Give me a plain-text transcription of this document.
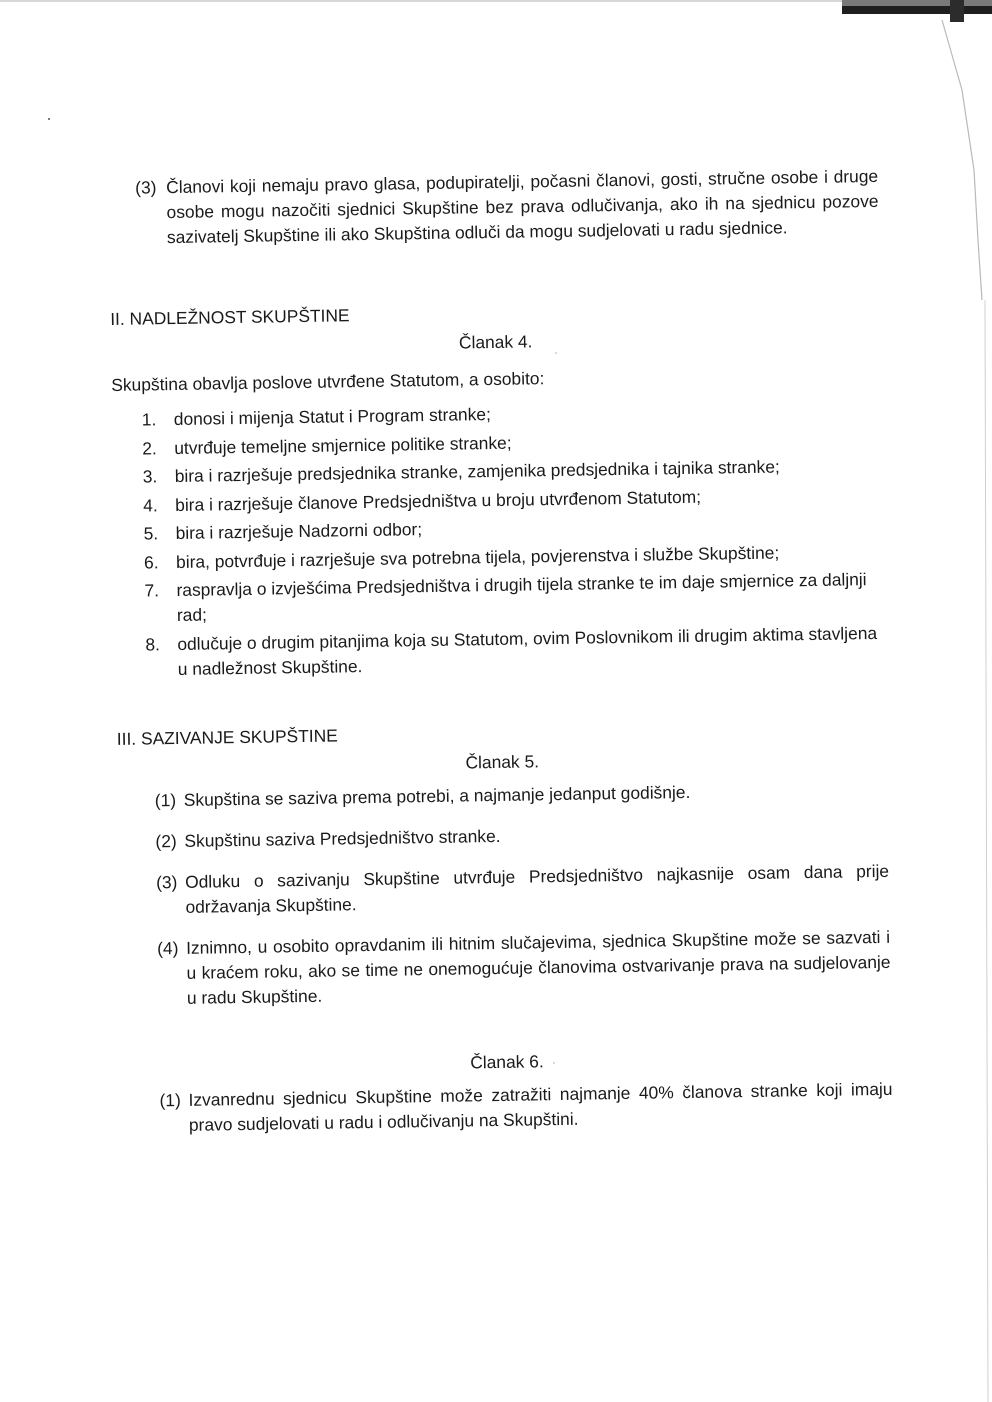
(3) Članovi koji nemaju pravo glasa, podupiratelji, počasni članovi, gosti, stručne osobe i druge osobe mogu nazočiti sjednici Skupštine bez prava odlučivanja, ako ih na sjednicu pozove sazivatelj Skupštine ili ako Skupština odluči da mogu sudjelovati u radu sjednice.
II. NADLEŽNOST SKUPŠTINE
Članak 4.
Skupština obavlja poslove utvrđene Statutom, a osobito:
1. donosi i mijenja Statut i Program stranke;
2. utvrđuje temeljne smjernice politike stranke;
3. bira i razrješuje predsjednika stranke, zamjenika predsjednika i tajnika stranke;
4. bira i razrješuje članove Predsjedništva u broju utvrđenom Statutom;
5. bira i razrješuje Nadzorni odbor;
6. bira, potvrđuje i razrješuje sva potrebna tijela, povjerenstva i službe Skupštine;
7. raspravlja o izvješćima Predsjedništva i drugih tijela stranke te im daje smjernice za daljnji rad;
8. odlučuje o drugim pitanjima koja su Statutom, ovim Poslovnikom ili drugim aktima stavljena u nadležnost Skupštine.
III. SAZIVANJE SKUPŠTINE
Članak 5.
(1) Skupština se saziva prema potrebi, a najmanje jedanput godišnje.
(2) Skupštinu saziva Predsjedništvo stranke.
(3) Odluku o sazivanju Skupštine utvrđuje Predsjedništvo najkasnije osam dana prije održavanja Skupštine.
(4) Iznimno, u osobito opravdanim ili hitnim slučajevima, sjednica Skupštine može se sazvati i u kraćem roku, ako se time ne onemogućuje članovima ostvarivanje prava na sudjelovanje u radu Skupštine.
Članak 6.
(1) Izvanrednu sjednicu Skupštine može zatražiti najmanje 40% članova stranke koji imaju pravo sudjelovati u radu i odlučivanju na Skupštini.
